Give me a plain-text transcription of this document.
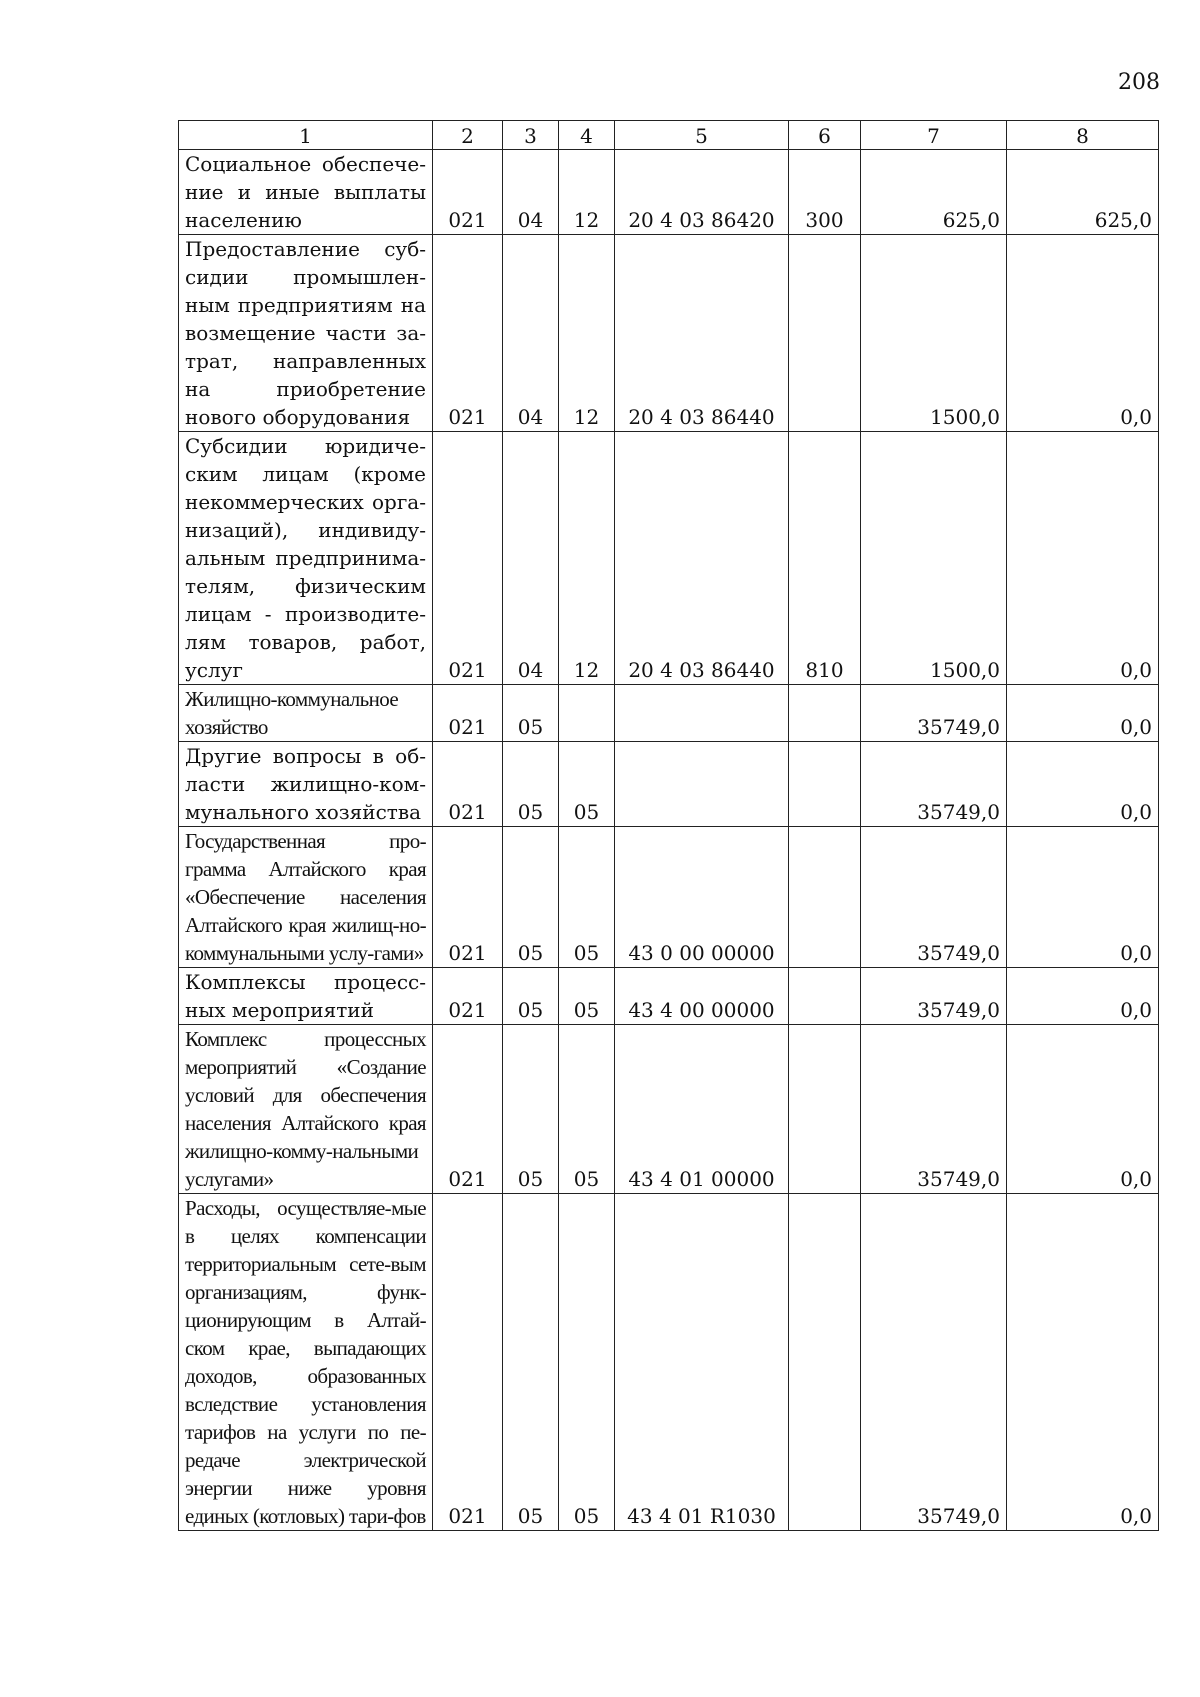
208
1	2	3	4	5	6	7	8
Социальное обеспече-ние и иные выплаты населению	021	04	12	20 4 03 86420	300	625,0	625,0
Предоставление суб-сидии промышлен-ным предприятиям на возмещение части за-трат, направленных на приобретение нового оборудования	021	04	12	20 4 03 86440		1500,0	0,0
Субсидии юридиче-ским лицам (кроме некоммерческих орга-низаций), индивиду-альным предпринима-телям, физическим лицам - производите-лям товаров, работ, услуг	021	04	12	20 4 03 86440	810	1500,0	0,0
Жилищно-коммунальное хозяйство	021	05				35749,0	0,0
Другие вопросы в об-ласти жилищно-ком-мунального хозяйства	021	05	05			35749,0	0,0
Государственная про-грамма Алтайского края «Обеспечение населения Алтайского края жилищ-но-коммунальными услу-гами»	021	05	05	43 0 00 00000		35749,0	0,0
Комплексы процесс-ных мероприятий	021	05	05	43 4 00 00000		35749,0	0,0
Комплекс процессных мероприятий «Создание условий для обеспечения населения Алтайского края жилищно-комму-нальными услугами»	021	05	05	43 4 01 00000		35749,0	0,0
Расходы, осуществляе-мые в целях компенсации территориальным сете-вым организациям, функ-ционирующим в Алтай-ском крае, выпадающих доходов, образованных вследствие установления тарифов на услуги по пе-редаче электрической энергии ниже уровня единых (котловых) тари-фов	021	05	05	43 4 01 R1030		35749,0	0,0
